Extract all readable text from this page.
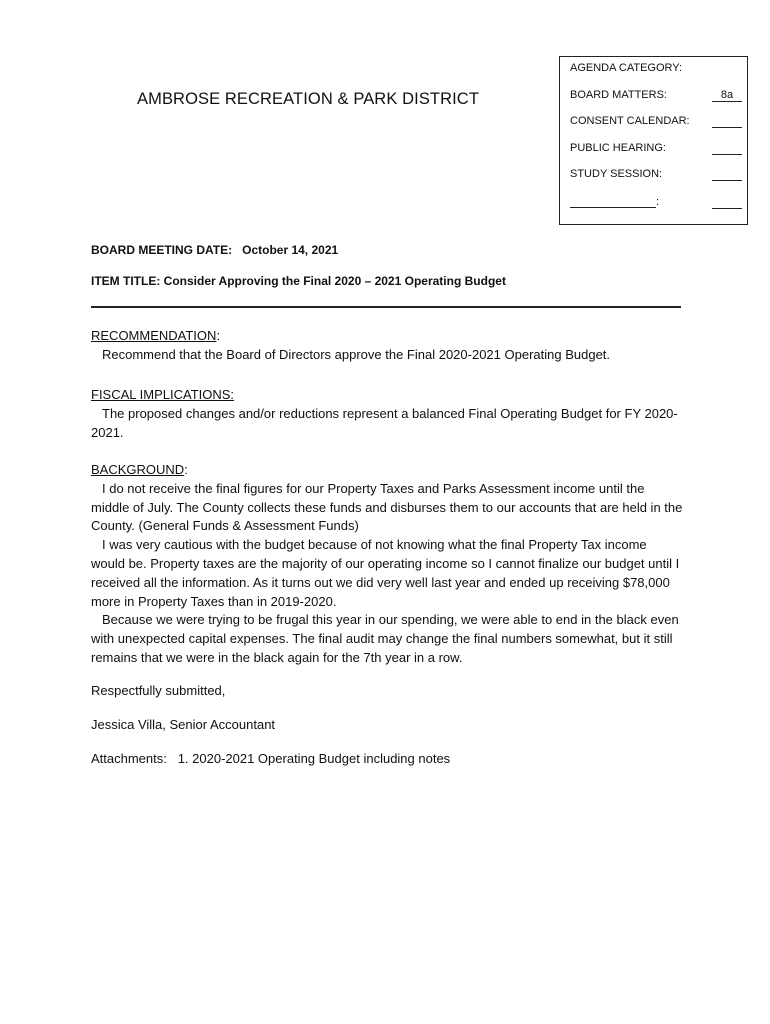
AMBROSE RECREATION & PARK DISTRICT
AGENDA CATEGORY:
BOARD MATTERS:	8a
CONSENT CALENDAR:
PUBLIC HEARING:
STUDY SESSION:
:
BOARD MEETING DATE:   October 14, 2021
ITEM TITLE: Consider Approving the Final 2020 – 2021 Operating Budget
RECOMMENDATION:

Recommend that the Board of Directors approve the Final 2020-2021 Operating Budget.

FISCAL IMPLICATIONS:

The proposed changes and/or reductions represent a balanced Final Operating Budget for FY 2020-2021.

BACKGROUND:

I do not receive the final figures for our Property Taxes and Parks Assessment income until the middle of July. The County collects these funds and disburses them to our accounts that are held in the County. (General Funds & Assessment Funds)

I was very cautious with the budget because of not knowing what the final Property Tax income would be. Property taxes are the majority of our operating income so I cannot finalize our budget until I received all the information. As it turns out we did very well last year and ended up receiving $78,000 more in Property Taxes than in 2019-2020.

Because we were trying to be frugal this year in our spending, we were able to end in the black even with unexpected capital expenses. The final audit may change the final numbers somewhat, but it still remains that we were in the black again for the 7th year in a row.

Respectfully submitted,
Jessica Villa, Senior Accountant
Attachments:   1. 2020-2021 Operating Budget including notes
